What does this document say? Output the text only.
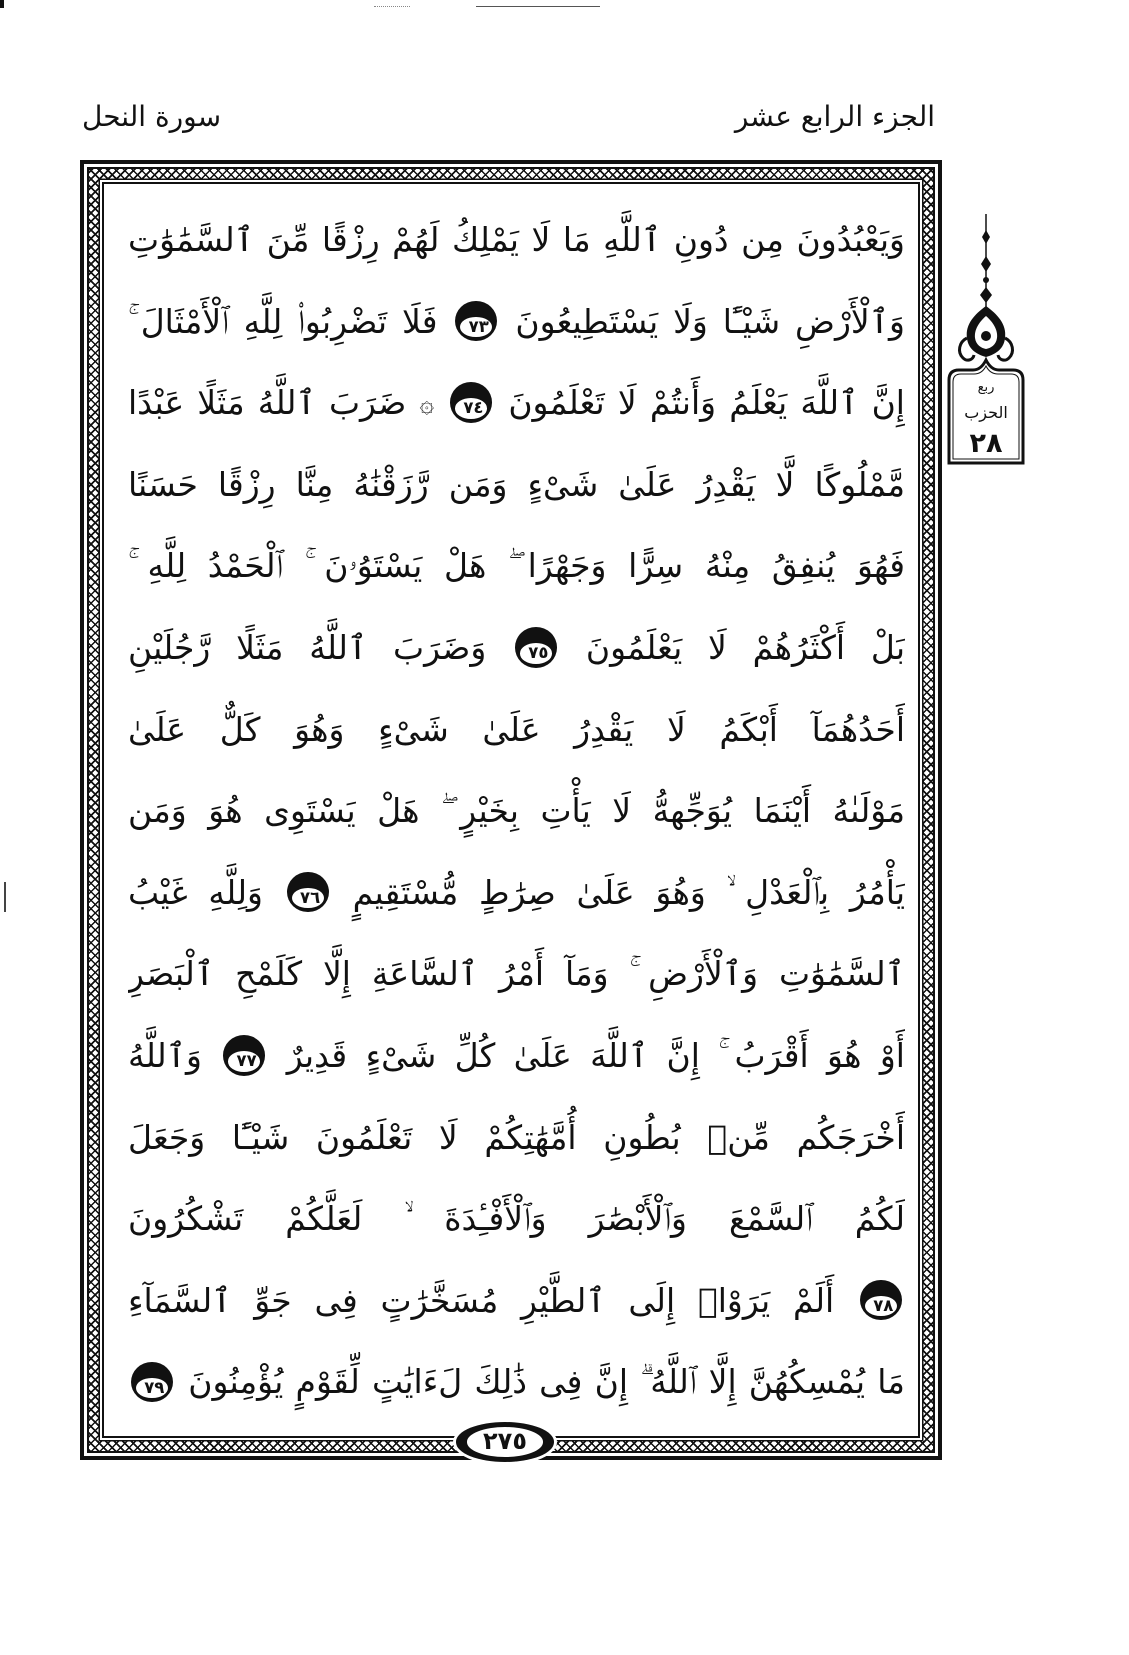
الجزء الرابع عشر
سورة النحل
وَيَعْبُدُونَ مِن دُونِ ٱللَّهِ مَا لَا يَمْلِكُ لَهُمْ رِزْقًا مِّنَ ٱلسَّمَٰوَٰتِ
وَٱلْأَرْضِ شَيْـًٔا وَلَا يَسْتَطِيعُونَ ٧٣ فَلَا تَضْرِبُوا۟ لِلَّهِ ٱلْأَمْثَالَ ۚ
إِنَّ ٱللَّهَ يَعْلَمُ وَأَنتُمْ لَا تَعْلَمُونَ ٧٤ ۞ ضَرَبَ ٱللَّهُ مَثَلًا عَبْدًا
مَّمْلُوكًا لَّا يَقْدِرُ عَلَىٰ شَىْءٍ وَمَن رَّزَقْنَٰهُ مِنَّا رِزْقًا حَسَنًا
فَهُوَ يُنفِقُ مِنْهُ سِرًّا وَجَهْرًا ۖ هَلْ يَسْتَوُۥنَ ۚ ٱلْحَمْدُ لِلَّهِ ۚ
بَلْ أَكْثَرُهُمْ لَا يَعْلَمُونَ ٧٥ وَضَرَبَ ٱللَّهُ مَثَلًا رَّجُلَيْنِ
أَحَدُهُمَآ أَبْكَمُ لَا يَقْدِرُ عَلَىٰ شَىْءٍ وَهُوَ كَلٌّ عَلَىٰ
مَوْلَىٰهُ أَيْنَمَا يُوَجِّههُّ لَا يَأْتِ بِخَيْرٍ ۖ هَلْ يَسْتَوِى هُوَ وَمَن
يَأْمُرُ بِٱلْعَدْلِ ۙ وَهُوَ عَلَىٰ صِرَٰطٍ مُّسْتَقِيمٍ ٧٦ وَلِلَّهِ غَيْبُ
ٱلسَّمَٰوَٰتِ وَٱلْأَرْضِ ۚ وَمَآ أَمْرُ ٱلسَّاعَةِ إِلَّا كَلَمْحِ ٱلْبَصَرِ
أَوْ هُوَ أَقْرَبُ ۚ إِنَّ ٱللَّهَ عَلَىٰ كُلِّ شَىْءٍ قَدِيرٌ ٧٧ وَٱللَّهُ
أَخْرَجَكُم مِّنۢ بُطُونِ أُمَّهَٰتِكُمْ لَا تَعْلَمُونَ شَيْـًٔا وَجَعَلَ
لَكُمُ ٱلسَّمْعَ وَٱلْأَبْصَٰرَ وَٱلْأَفْـِٔدَةَ ۙ لَعَلَّكُمْ تَشْكُرُونَ
٧٨ أَلَمْ يَرَوْا۟ إِلَى ٱلطَّيْرِ مُسَخَّرَٰتٍ فِى جَوِّ ٱلسَّمَآءِ
مَا يُمْسِكُهُنَّ إِلَّا ٱللَّهُ ۗ إِنَّ فِى ذَٰلِكَ لَءَايَٰتٍ لِّقَوْمٍ يُؤْمِنُونَ ٧٩
ربع
الحزب
٢٨
٢٧٥
